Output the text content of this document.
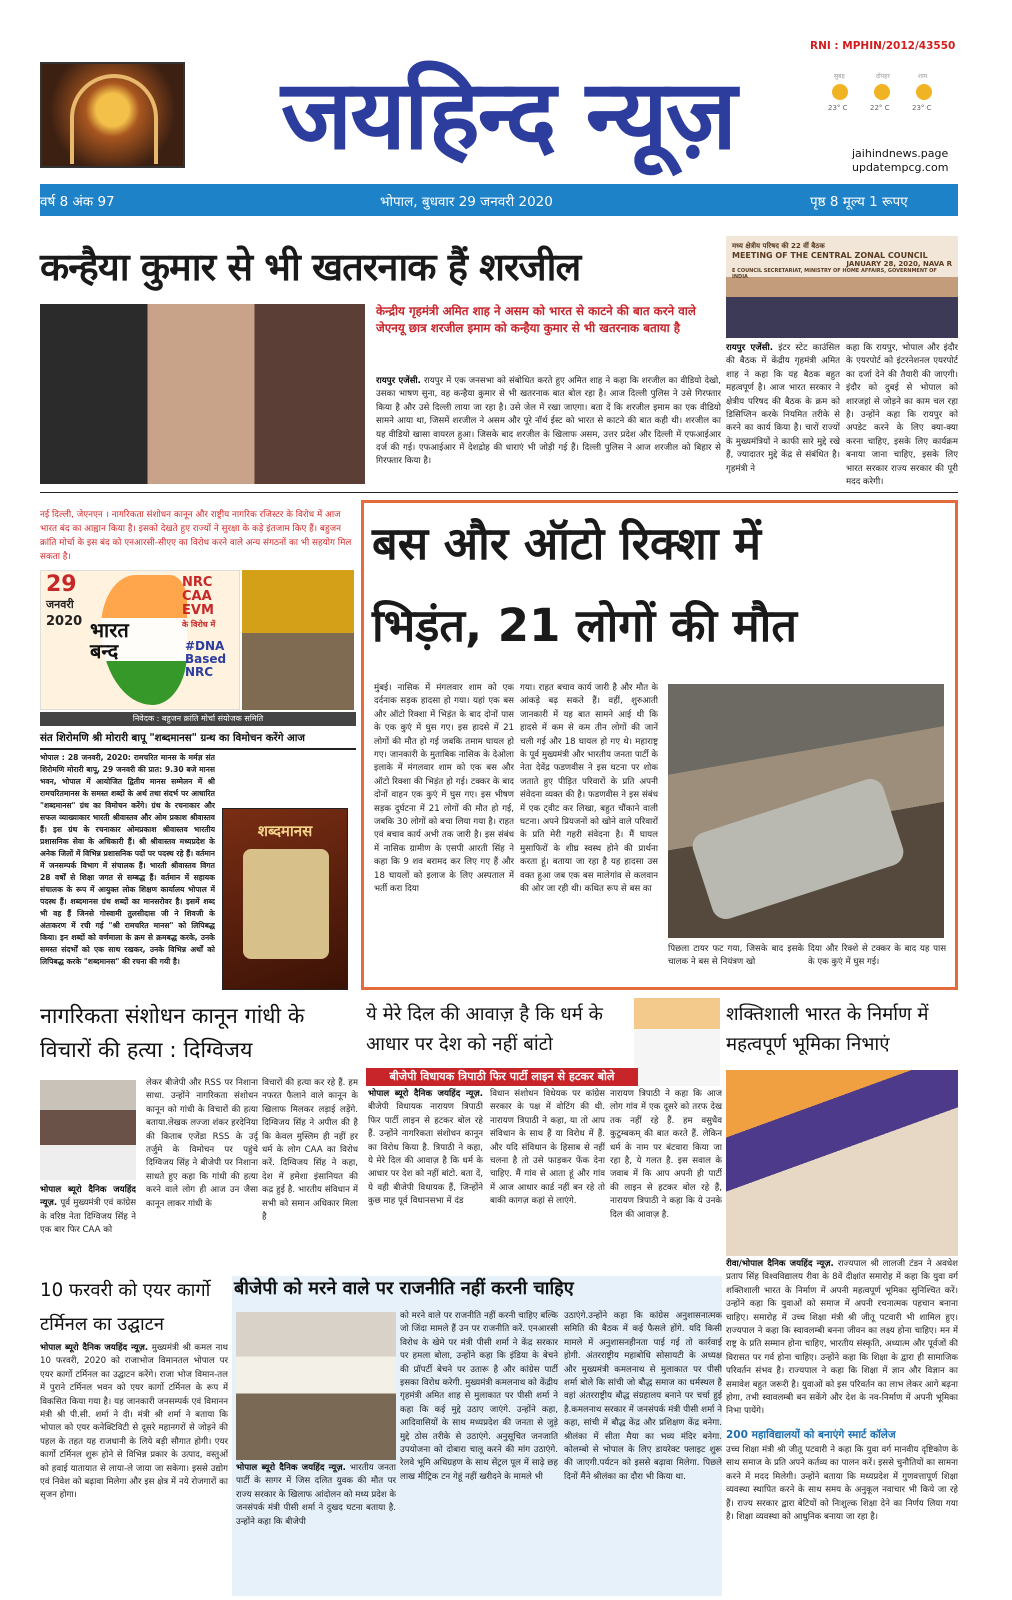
जयहिन्द न्यूज़
RNI : MPHIN/2012/43550
सुबह	दोपहर	शाम
23° C	22° C	23° C
jaihindnews.page
updatempcg.com
वर्ष 8 अंक 97	भोपाल, बुधवार 29 जनवरी 2020	पृष्ठ 8 मूल्य 1 रूपए
कन्हैया कुमार से भी खतरनाक हैं शरजील
केन्द्रीय गृहमंत्री अमित शाह ने असम को भारत से काटने की बात करने वाले जेएनयू छात्र शरजील इमाम को कन्हैया कुमार से भी खतरनाक बताया है
रायपुर एजेंसी. रायपुर में एक जनसभा को संबोधित करते हुए अमित शाह ने कहा कि शरजील का वीडियो देखो, उसका भाषण सुना, वह कन्हैया कुमार से भी खतरनाक बात बोल रहा है। आज दिल्ली पुलिस ने उसे गिरफ्तार किया है और उसे दिल्ली लाया जा रहा है। उसे जेल में रखा जाएगा। बता दें कि शरजील इमाम का एक वीडियो सामने आया था, जिसमें शरजील ने असम और पूरे नॉर्थ ईस्ट को भारत से काटने की बात कही थी। शरजील का यह वीडियो खासा वायरल हुआ। जिसके बाद शरजील के खिलाफ असम, उत्तर प्रदेश और दिल्ली में एफआईआर दर्ज की गई। एफआईआर में देशद्रोह की धाराएं भी जोड़ी गई हैं। दिल्ली पुलिस ने आज शरजील को बिहार से गिरफ्तार किया है।
मध्य क्षेत्रीय परिषद की 22 वीं बैठक
MEETING OF THE CENTRAL ZONAL COUNCIL
JANUARY 28, 2020, NAVA R
E COUNCIL SECRETARIAT, MINISTRY OF HOME AFFAIRS, GOVERNMENT OF INDIA
रायपुर एजेंसी. इंटर स्टेट काउंसिल की बैठक में केंद्रीय गृहमंत्री अमित शाह ने कहा कि यह बैठक बहुत महत्वपूर्ण है। आज भारत सरकार ने क्षेत्रीय परिषद की बैठक के क्रम को डिसिप्लिन करके नियमित तरीके से करने का कार्य किया है। चारों राज्यों के मुख्यमंत्रियों ने काफी सारे मुद्दे रखे हैं, ज्यादातर मुद्दे केंद्र से संबंधित है। गृहमंत्री ने
कहा कि रायपुर, भोपाल और इंदौर के एयरपोर्ट को इंटरनेशनल एयरपोर्ट का दर्जा देने की तैयारी की जाएगी। इंदौर को दुबई से भोपाल को शारजहां से जोड़ने का काम चल रहा है। उन्होंने कहा कि रायपुर को अपडेट करने के लिए क्या-क्या करना चाहिए, इसके लिए कार्यक्रम बनाया जाना चाहिए, इसके लिए भारत सरकार राज्य सरकार की पूरी मदद करेगी।
नई दिल्ली, जेएनएन । नागरिकता संशोधन कानून और राष्ट्रीय नागरिक रजिस्टर के विरोध में आज भारत बंद का आह्वान किया है। इसको देखते हुए राज्यों ने सुरक्षा के कड़े इंतजाम किए हैं। बहुजन क्रांति मोर्चा के इस बंद को एनआरसी-सीएए का विरोध करने वाले अन्य संगठनों का भी सहयोग मिल सकता है।
29
जनवरी
2020 भारत
बन्द
NRC
CAA
EVM
के विरोध में
#DNA
Based
NRC
निवेदक : बहुजन क्रांति मोर्चा संयोजक समिति
संत शिरोमणि श्री मोरारी बापू "शब्दमानस" ग्रन्थ का विमोचन करेंगे आज
भोपाल : 28 जनवरी, 2020: रामचरित मानस के मर्मज्ञ संत शिरोमणि मोरारी बापू, 29 जनवरी की प्रात: 9.30 बजे मानस भवन, भोपाल में आयोजित द्वितीय मानस सम्मेलन में श्री रामचरितमानस के समस्त शब्दों के अर्थ तथा संदर्भ पर आधारित "शब्दमानस" ग्रंथ का विमोचन करेंगे। ग्रंथ के रचनाकार और सफल व्याख्याकार भारती श्रीवास्तव और ओम प्रकाश श्रीवास्तव हैं। इस ग्रंथ के रचनाकार ओमप्रकाश श्रीवास्तव भारतीय प्रशासनिक सेवा के अधिकारी हैं। श्री श्रीवास्तव मध्यप्रदेश के अनेक जिलों में विभिन्न प्रशासनिक पदों पर पदस्थ रहे हैं। वर्तमान में जनसम्पर्क विभाग में संचालक हैं। भारती श्रीवास्तव विगत 28 वर्षों से शिक्षा जगत से सम्बद्ध हैं। वर्तमान में सहायक संचालक के रूप में आयुक्त लोक शिक्षण कार्यालय भोपाल में पदस्थ हैं। शब्दमानस ग्रंथ शब्दों का मानसरोवर है। इसमें शब्द भी वह हैं जिनसे गोस्वामी तुलसीदास जी ने शिवजी के अंतःकरण में रची गई "श्री रामचरित मानस" को लिपिबद्ध किया। इन शब्दों को वर्णमाला के क्रम से क्रमबद्ध करके, उनके समस्त संदर्भों को एक साथ रखकर, उनके विभिन्न अर्थों को लिपिबद्ध करके "शब्दमानस" की रचना की गयी है।
शब्दमानस
बस और ऑटो रिक्शा में
भिड़ंत, 21 लोगों की मौत
मुंबई। नासिक में मंगलवार शाम को एक दर्दनाक सड़क हादसा हो गया। यहां एक बस और ऑटो रिक्शा में भिड़ंत के बाद दोनों पास के एक कुएं में घुस गए। इस हादसे में 21 लोगों की मौत हो गई जबकि तमाम घायल हो गए। जानकारी के मुताबिक नासिक के देओला इलाके में मंगलवार शाम को एक बस और ऑटो रिक्शा की भिड़ंत हो गई। टक्कर के बाद दोनों वाहन एक कुएं में घुस गए। इस भीषण सड़क दुर्घटना में 21 लोगों की मौत हो गई, जबकि 30 लोगों को बचा लिया गया है। राहत एवं बचाव कार्य अभी तक जारी है। इस संबंध में नासिक ग्रामीण के एसपी आरती सिंह ने कहा कि 9 शव बरामद कर लिए गए हैं और 18 घायलों को इलाज के लिए अस्पताल में भर्ती करा दिया
गया। राहत बचाव कार्य जारी है और मौत के आंकड़े बढ़ सकते हैं। वहीं, शुरुआती जानकारी में यह बात सामने आई थी कि हादसे में कम से कम तीन लोगों की जानें चली गई और 18 घायल हो गए थे। महाराष्ट्र के पूर्व मुख्यमंत्री और भारतीय जनता पार्टी के नेता देवेंद्र फडणवीस ने इस घटना पर शोक जताते हुए पीड़ित परिवारों के प्रति अपनी संवेदना व्यक्त की है। फडणवीस ने इस संबंध में एक ट्वीट कर लिखा, बहुत चौंकाने वाली घटना। अपने प्रियजनों को खोने वाले परिवारों के प्रति मेरी गहरी संवेदना है। मैं घायल मुसाफिरों के शीघ्र स्वस्थ होने की प्रार्थना करता हूं। बताया जा रहा है यह हादसा उस वक्त हुआ जब एक बस मालेगांव से कलवान की ओर जा रही थी। कथित रूप से बस का
पिछला टायर फट गया, जिसके बाद इसके चालक ने बस से नियंत्रण खो
दिया और रिक्शे से टक्कर के बाद यह पास के एक कुएं में घुस गई।
नागरिकता संशोधन कानून गांधी के विचारों की हत्या : दिग्विजय
भोपाल ब्यूरो दैनिक जयहिंद न्यूज़. पूर्व मुख्यमंत्री एवं कांग्रेस के वरिष्ठ नेता दिग्विजय सिंह ने एक बार फिर CAA को
लेकर बीजेपी और RSS पर निशाना साधा. उन्होंने नागरिकता संशोधन कानून को गांधी के विचारों की हत्या बताया.लेखक लज्जा शंकर हरदेनिया की किताब एजेंडा RSS के उर्दू तर्जुमे के विमोचन पर पहुंचे दिग्विजय सिंह ने बीजेपी पर निशाना साधते हुए कहा कि गांधी की हत्या करने वाले लोग ही आज उन जैसा कानून लाकर गांधी के
विचारों की हत्या कर रहे हैं. हम नफरत फैलाने वाले कानून के खिलाफ मिलकर लड़ाई लड़ेंगे. दिग्विजय सिंह ने अपील की है कि केवल मुस्लिम ही नहीं हर धर्म के लोग CAA का विरोध करें. दिग्विजय सिंह ने कहा, देश में हमेशा इंसानियत की कद्र हुई है. भारतीय संविधान में सभी को समान अधिकार मिला है
ये मेरे दिल की आवाज़ है कि धर्म के आधार पर देश को नहीं बांटो
बीजेपी विधायक त्रिपाठी फिर पार्टी लाइन से हटकर बोले
भोपाल ब्यूरो दैनिक जयहिंद न्यूज़. बीजेपी विधायक नारायण त्रिपाठी फिर पार्टी लाइन से हटकर बोल रहे हैं. उन्होंने नागरिकता संशोधन कानून का विरोध किया है. त्रिपाठी ने कहा, ये मेरे दिल की आवाज़ है कि धर्म के आधार पर देश को नहीं बांटो. बता दें, ये वही बीजेपी विधायक हैं, जिन्होंने कुछ माह पूर्व विधानसभा में दंड
विधान संशोधन विधेयक पर कांग्रेस सरकार के पक्ष में वोटिंग की थी. नारायण त्रिपाठी ने कहा, या तो आप संविधान के साथ हैं या विरोध में हैं. और यदि संविधान के हिसाब से नहीं चलना है तो उसे फाड़कर फेंक देना चाहिए. मैं गांव से आता हूं और गांव में आज आधार कार्ड नहीं बन रहे तो बाकी कागज़ कहां से लाएंगे.
नारायण त्रिपाठी ने कहा कि आज लोग गांव में एक दूसरे को तरफ देख तक नहीं रहे हैं. हम वसुधैव कुटुम्बकम् की बात करते हैं. लेकिन धर्म के नाम पर बंटवारा किया जा रहा है, ये गलत है. इस सवाल के जवाब में कि आप अपनी ही पार्टी की लाइन से हटकर बोल रहे हैं, नारायण त्रिपाठी ने कहा कि ये उनके दिल की आवाज़ है.
शक्तिशाली भारत के निर्माण में महत्वपूर्ण भूमिका निभाएं
रीवा/भोपाल दैनिक जयहिंद न्यूज़. राज्यपाल श्री लालजी टंडन ने अवधेश प्रताप सिंह विश्वविद्यालय रीवा के 8वें दीक्षांत समारोह में कहा कि युवा वर्ग शक्तिशाली भारत के निर्माण में अपनी महत्वपूर्ण भूमिका सुनिश्चित करें। उन्होंने कहा कि युवाओं को समाज में अपनी रचनात्मक पहचान बनाना चाहिए। समारोह में उच्च शिक्षा मंत्री श्री जीतू पटवारी भी शामिल हुए। राज्यपाल ने कहा कि स्वावलम्बी बनना जीवन का लक्ष्य होना चाहिए। मन में राष्ट्र के प्रति सम्मान होना चाहिए, भारतीय संस्कृति, अध्यात्म और पूर्वजों की विरासत पर गर्व होना चाहिए। उन्होंने कहा कि शिक्षा के द्वारा ही सामाजिक परिवर्तन संभव है। राज्यपाल ने कहा कि शिक्षा में ज्ञान और विज्ञान का समावेश बहुत जरूरी है। युवाओं को इस परिवर्तन का लाभ लेकर आगे बढ़ना होगा, तभी स्वावलम्बी बन सकेंगे और देश के नव-निर्माण में अपनी भूमिका निभा पायेंगे।
200 महाविद्यालयों को बनाएंगे स्मार्ट कॉलेज
उच्च शिक्षा मंत्री श्री जीतू पटवारी ने कहा कि युवा वर्ग मानवीय दृष्टिकोण के साथ समाज के प्रति अपने कर्तव्य का पालन करें। इससे चुनौतियों का सामना करने में मदद मिलेगी। उन्होंने बताया कि मध्यप्रदेश में गुणवत्तापूर्ण शिक्षा व्यवस्था स्थापित करने के साथ समय के अनुकूल नवाचार भी किये जा रहे हैं। राज्य सरकार द्वारा बेटियों को निःशुल्क शिक्षा देने का निर्णय लिया गया है। शिक्षा व्यवस्था को आधुनिक बनाया जा रहा है।
10 फरवरी को एयर कार्गो टर्मिनल का उद्घाटन
भोपाल ब्यूरो दैनिक जयहिंद न्यूज़. मुख्यमंत्री श्री कमल नाथ 10 फरवरी, 2020 को राजाभोज विमानतल भोपाल पर एयर कार्गो टर्मिनल का उद्घाटन करेंगे। राजा भोज विमान-तल में पुराने टर्मिनल भवन को एयर कार्गो टर्मिनल के रूप में विकसित किया गया है। यह जानकारी जनसम्पर्क एवं विमानन मंत्री श्री पी.सी. शर्मा ने दी। मंत्री श्री शर्मा ने बताया कि भोपाल को एयर कनेक्टिविटी से दूसरे महानगरों से जोड़ने की पहल के तहत यह राजधानी के लिये बड़ी सौगात होगी। एयर कार्गो टर्मिनल शुरू होने से विभिन्न प्रकार के उत्पाद, वस्तुओं को हवाई यातायात से लाया-ले जाया जा सकेगा। इससे उद्योग एवं निवेश को बढ़ावा मिलेगा और इस क्षेत्र में नये रोजगारों का सृजन होगा।
बीजेपी को मरने वाले पर राजनीति नहीं करनी चाहिए
भोपाल ब्यूरो दैनिक जयहिंद न्यूज़. भारतीय जनता पार्टी के सागर में जिस दलित युवक की मौत पर राज्य सरकार के खिलाफ आंदोलन को मध्य प्रदेश के जनसंपर्क मंत्री पीसी शर्मा ने दुखद घटना बताया है. उन्होंने कहा कि बीजेपी
को मरने वाले पर राजनीति नहीं करनी चाहिए बल्कि जो जिंदा मामले हैं उन पर राजनीति करें. एनआरसी विरोध के खेमे पर मंत्री पीसी शर्मा ने केंद्र सरकार पर हमला बोला, उन्होंने कहा कि इंडिया के बेचने की प्रॉपर्टी बेचने पर उतारू है और कांग्रेस पार्टी इसका विरोध करेगी. मुख्यमंत्री कमलनाथ को केंद्रीय गृहमंत्री अमित शाह से मुलाकात पर पीसी शर्मा ने कहा कि कई मुद्दे उठाए जाएंगे. उन्होंने कहा, आदिवासियों के साथ मध्यप्रदेश की जनता से जुड़े मुद्दे ठोस तरीके से उठाएंगे. अनुसूचित जनजाति उपयोजना को दोबारा चालू करने की मांग उठाएंगे. रेलवे भूमि अधिग्रहण के साथ सेंट्रल पूल में साढ़े छह लाख मीट्रिक टन गेहूं नहीं खरीदने के मामले भी
उठाएंगे.उन्होंने कहा कि कांग्रेस अनुशासनात्मक समिति की बैठक में कई फैसले होंगे. यदि किसी मामले में अनुशासनहीनता पाई गई तो कार्रवाई होगी. अंतरराष्ट्रीय महाबोधि सोसायटी के अध्यक्ष और मुख्यमंत्री कमलनाथ से मुलाकात पर पीसी शर्मा बोले कि सांची जो बौद्ध समाज का धर्मस्थल है वहां अंतरराष्ट्रीय बौद्ध संग्रहालय बनाने पर चर्चा हुई है.कमलनाथ सरकार में जनसंपर्क मंत्री पीसी शर्मा ने कहा, सांची में बौद्ध केंद्र और प्रशिक्षण केंद्र बनेगा. श्रीलंका में सीता मैया का भव्य मंदिर बनेगा. कोलम्बो से भोपाल के लिए डायरेक्ट फ्लाइट शुरू की जाएगी.पर्यटन को इससे बढ़ावा मिलेगा. पिछले दिनों मैंने श्रीलंका का दौरा भी किया था.
